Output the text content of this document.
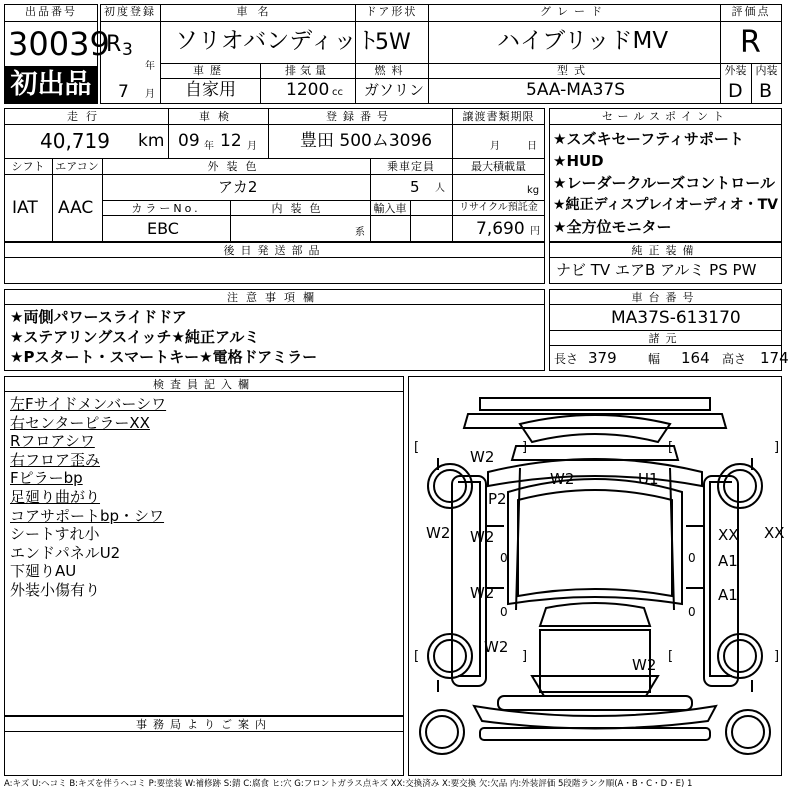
出品番号
30039
初出品
初度登録
R 3
年
7 月
車名
ソリオバンディット
ドア形状
5W
グレード
ハイブリッドMV
評価点
R
車歴
自家用
排気量
1200 cc
燃料
ガソリン
型式
5AA-MA37S
外装 内装
D B
走行
40,719 km
車検
09 年 12 月
登録番号
豊田 500ム3096
譲渡書類期限
月	日
シフト
IAT
エアコン
AAC
外装色
アカ2
乗車定員
5 人
最大積載量
kg
カラーNo.
EBC
内装色
系
輸入車	リサイクル預託金
7,690 円
後日発送部品
セールスポイント
★スズキセーフティサポート
★HUD
★レーダークルーズコントロール
★純正ディスプレイオーディオ・TV
★全方位モニター
純正装備
ナビ TV エアB アルミ PS PW
注意事項欄
★両側パワースライドドア
★ステアリングスイッチ★純正アルミ
★Pスタート・スマートキー★電格ドアミラー
車台番号
MA37S-613170
諸元
長さ 379	幅 164 高さ 174
検査員記入欄
左Fサイドメンバーシワ
右センターピラーXX
Rフロアシワ
右フロア歪み
Fピラーbp
足廻り曲がり
コアサポートbp・シワ
シートすれ小
エンドパネルU2
下廻りAU
外装小傷有り
事務局よりご案内
W2
W2	U1
P2
W2 W2	XX XX
A1
W2	A1
W2
W2
0
0
0
0
[	]
[	]
[	]
[	]
A:キズ U:ヘコミ B:キズを伴うヘコミ P:要塗装 W:補修跡 S:錆 C:腐食 ヒ:穴 G:フロントガラス点キズ XX:交換済み X:要交換 欠:欠品 内:外装評価 5段階ランク順(A・B・C・D・E) 1
